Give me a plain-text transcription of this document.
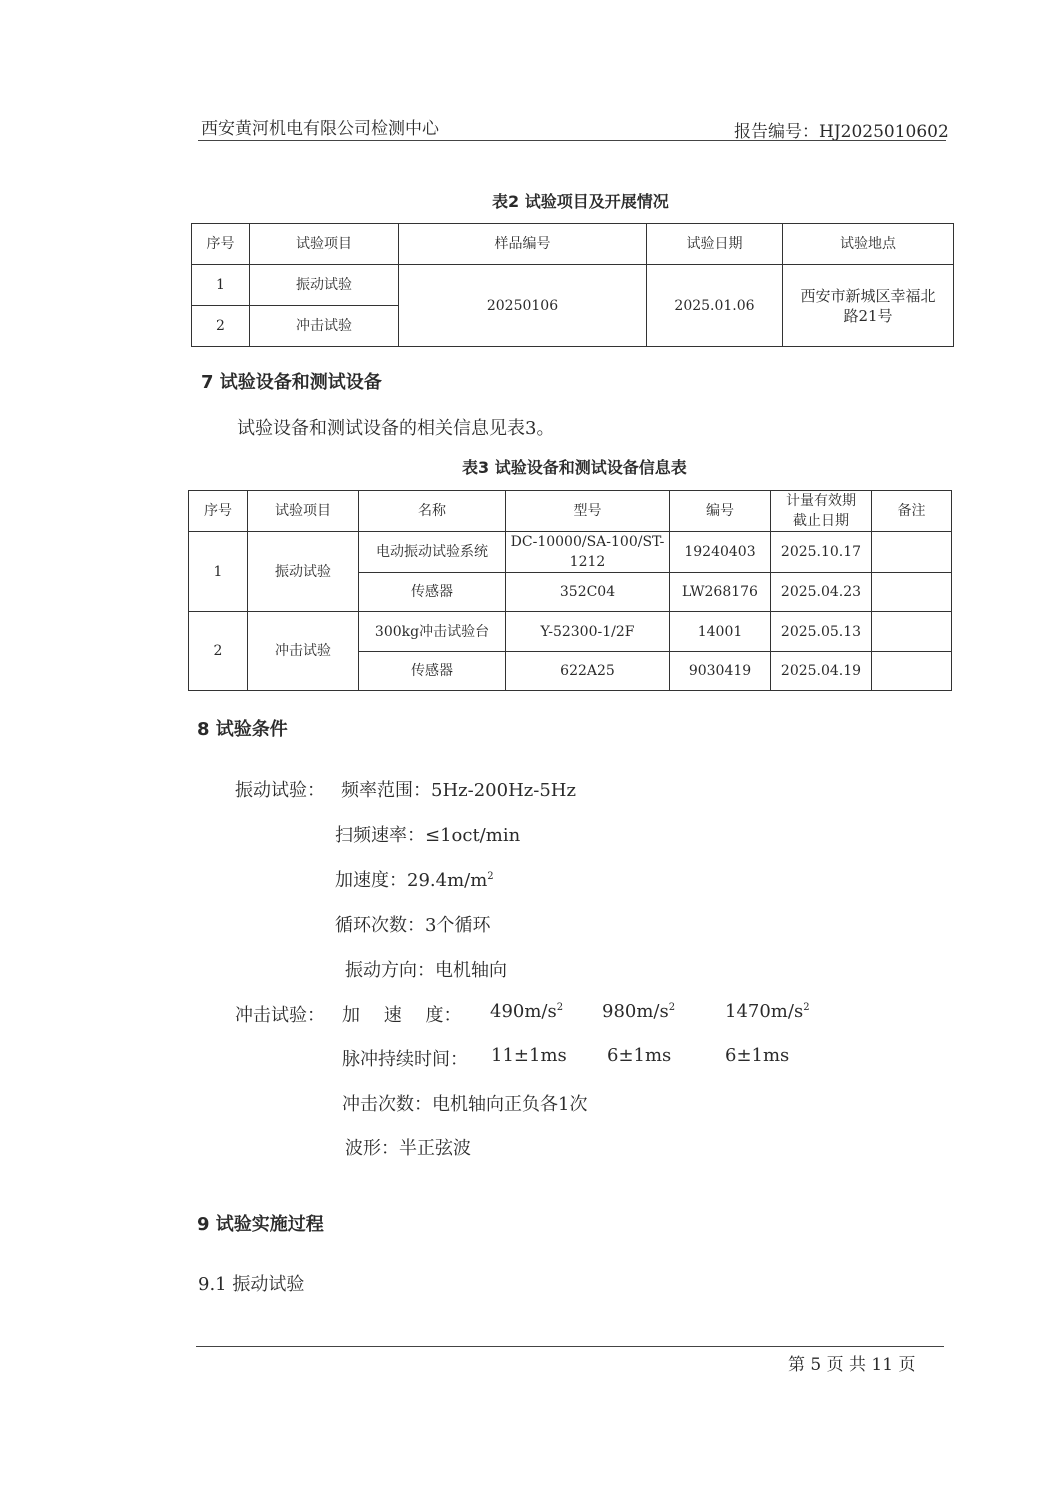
西安黄河机电有限公司检测中心	报告编号：HJ2025010602
表2 试验项目及开展情况
序号	试验项目	样品编号	试验日期	试验地点
1	振动试验	20250106	2025.01.06	西安市新城区幸福北路21号
2	冲击试验			
7 试验设备和测试设备
试验设备和测试设备的相关信息见表3。
表3 试验设备和测试设备信息表
序号	试验项目	名称	型号	编号	计量有效期截止日期	备注
1	振动试验	电动振动试验系统	DC-10000/SA-100/ST-1212	19240403	2025.10.17	
		传感器	352C04	LW268176	2025.04.23	
2	冲击试验	300kg冲击试验台	Y-52300-1/2F	14001	2025.05.13	
		传感器	622A25	9030419	2025.04.19	
8 试验条件
振动试验： 频率范围：5Hz-200Hz-5Hz
扫频速率：≤1oct/min
加速度：$29.4m/m^2$
循环次数：3个循环
振动方向：电机轴向
冲击试验： 加　 速　 度： $490m/s^2$ $980m/s^2$	$1470m/s^2$
脉冲持续时间： 11±1ms 6±1ms	6±1ms
冲击次数：电机轴向正负各1次
波形：半正弦波
9 试验实施过程
9.1 振动试验
第 5 页 共 11 页
